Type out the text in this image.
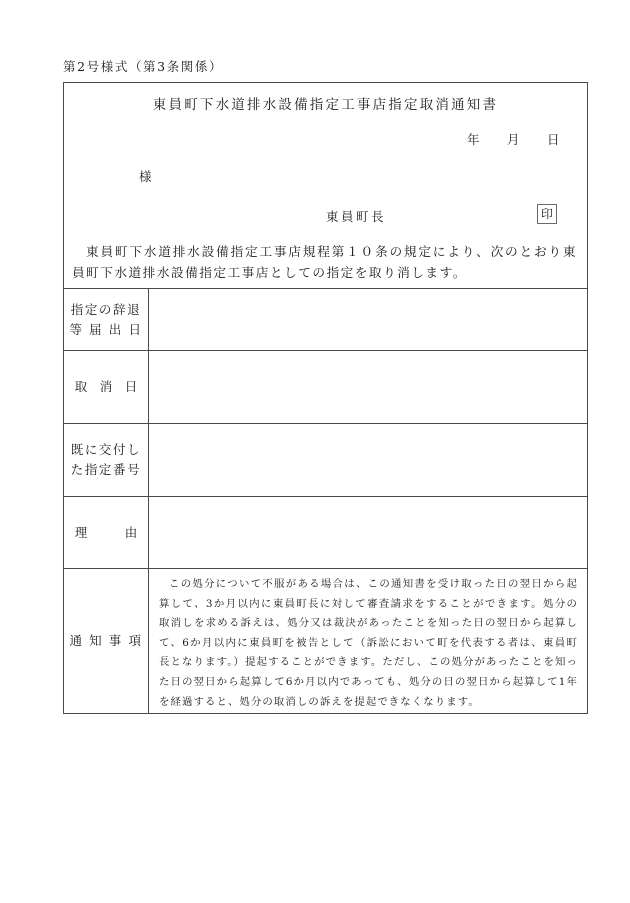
第2号様式（第3条関係）
東員町下水道排水設備指定工事店指定取消通知書
年 月 日
様
東員町長	印
東員町下水道排水設備指定工事店規程第１０条の規定により、次のとおり東員町下水道排水設備指定工事店としての指定を取り消します。
指定の辞退
等 届 出 日
取　消　日
既に交付し
た指定番号
理　　　由
通 知 事 項
この処分について不服がある場合は、この通知書を受け取った日の翌日から起算して、3か月以内に東員町長に対して審査請求をすることができます。処分の取消しを求める訴えは、処分又は裁決があったことを知った日の翌日から起算して、6か月以内に東員町を被告として（訴訟において町を代表する者は、東員町長となります。）提起することができます。ただし、この処分があったことを知った日の翌日から起算して6か月以内であっても、処分の日の翌日から起算して1年を経過すると、処分の取消しの訴えを提起できなくなります。
